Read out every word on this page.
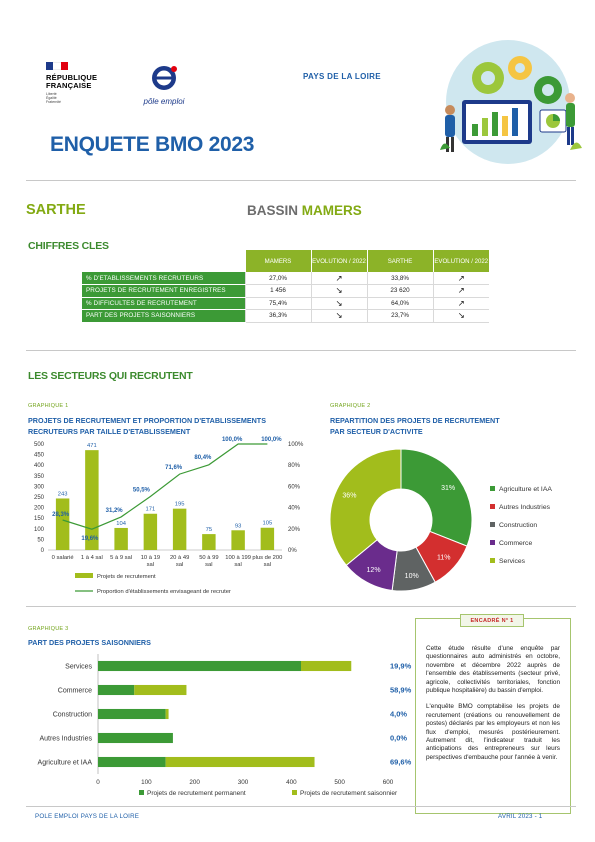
RÉPUBLIQUE
FRANÇAISE
Liberté
Égalité
Fraternité	pôle emploi
PAYS DE LA LOIRE
ENQUETE BMO 2023
SARTHE	BASSIN MAMERS
CHIFFRES CLES
	MAMERS	EVOLUTION / 2022	SARTHE	EVOLUTION / 2022
% D'ETABLISSEMENTS RECRUTEURS	27,0%	↗	33,8%	↗
PROJETS DE RECRUTEMENT ENREGISTRES	1 456	↘	23 620	↗
% DIFFICULTES DE RECRUTEMENT	75,4%	↘	64,0%	↗
PART DES PROJETS SAISONNIERS	36,3%	↘	23,7%	↘
LES SECTEURS QUI RECRUTENT
GRAPHIQUE 1
PROJETS DE RECRUTEMENT ET PROPORTION D'ETABLISSEMENTS
RECRUTEURS PAR TAILLE D'ETABLISSEMENT
0
50
100
150
200
250
300
350
400
450
500
0%
20%
40%
60%
80%
100%
243
0 salarié
471
1 à 4 sal
104
5 à 9 sal
171
10 à 19 sal
195
20 à 49 sal
75
50 à 99 sal
93
100 à 199 sal
105
plus de 200 sal
28,3%
19,6%
31,2%
50,5%
71,6%
80,4%
100,0%	100,0%
Projets de recrutement
Proportion d'établissements envisageant de recruter
GRAPHIQUE 2
REPARTITION DES PROJETS DE RECRUTEMENT
PAR SECTEUR D'ACTIVITE
31%
11%
10%
12%
36%
Agriculture et IAA
Autres Industries
Construction
Commerce
Services
GRAPHIQUE 3
PART DES PROJETS SAISONNIERS
0	100	200	300	400	500	600
Services	19,9%
Commerce	58,9%
Construction	4,0%
Autres Industries	0,0%
Agriculture et IAA	69,6%
Projets de recrutement permanent	Projets de recrutement saisonnier

Cette étude résulte d'une enquête par questionnaires auto administrés en octobre, novembre et décembre 2022 auprès de l'ensemble des établissements (secteur privé, agricole, collectivités territoriales, fonction publique hospitalière) du bassin d'emploi.

L'enquête BMO comptabilise les projets de recrutement (créations ou renouvellement de postes) déclarés par les employeurs et non les flux d'emploi, mesurés postérieurement. Autrement dit, l'indicateur traduit les anticipations des entrepreneurs sur leurs perspectives d'embauche pour l'année à venir.

ENCADRÉ N° 1
POLE EMPLOI PAYS DE LA LOIRE	AVRIL 2023 - 1
